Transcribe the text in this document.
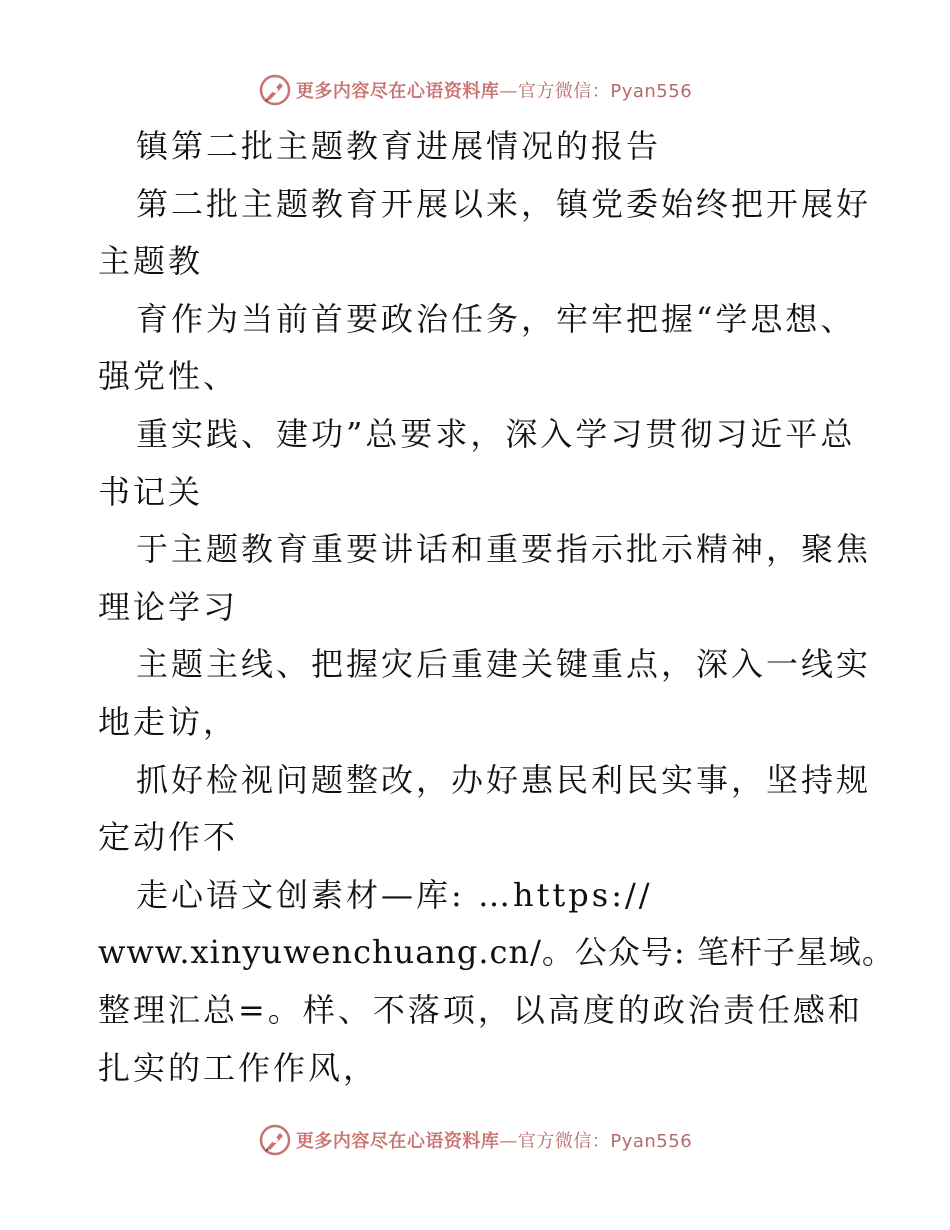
更多内容尽在心语资料库—官方微信：Pyan556
镇第二批主题教育进展情况的报告
第二批主题教育开展以来，镇党委始终把开展好
主题教
育作为当前首要政治任务，牢牢把握“学思想、
强党性、
重实践、建功”总要求，深入学习贯彻习近平总
书记关
于主题教育重要讲话和重要指示批示精神，聚焦
理论学习
主题主线、把握灾后重建关键重点，深入一线实
地走访，
抓好检视问题整改，办好惠民利民实事，坚持规
定动作不
走心语文创素材—库: …https://
www.xinyuwenchuang.cn/。公众号: 笔杆子星域。
整理汇总=。样、不落项，以高度的政治责任感和
扎实的工作作风，
更多内容尽在心语资料库—官方微信：Pyan556
